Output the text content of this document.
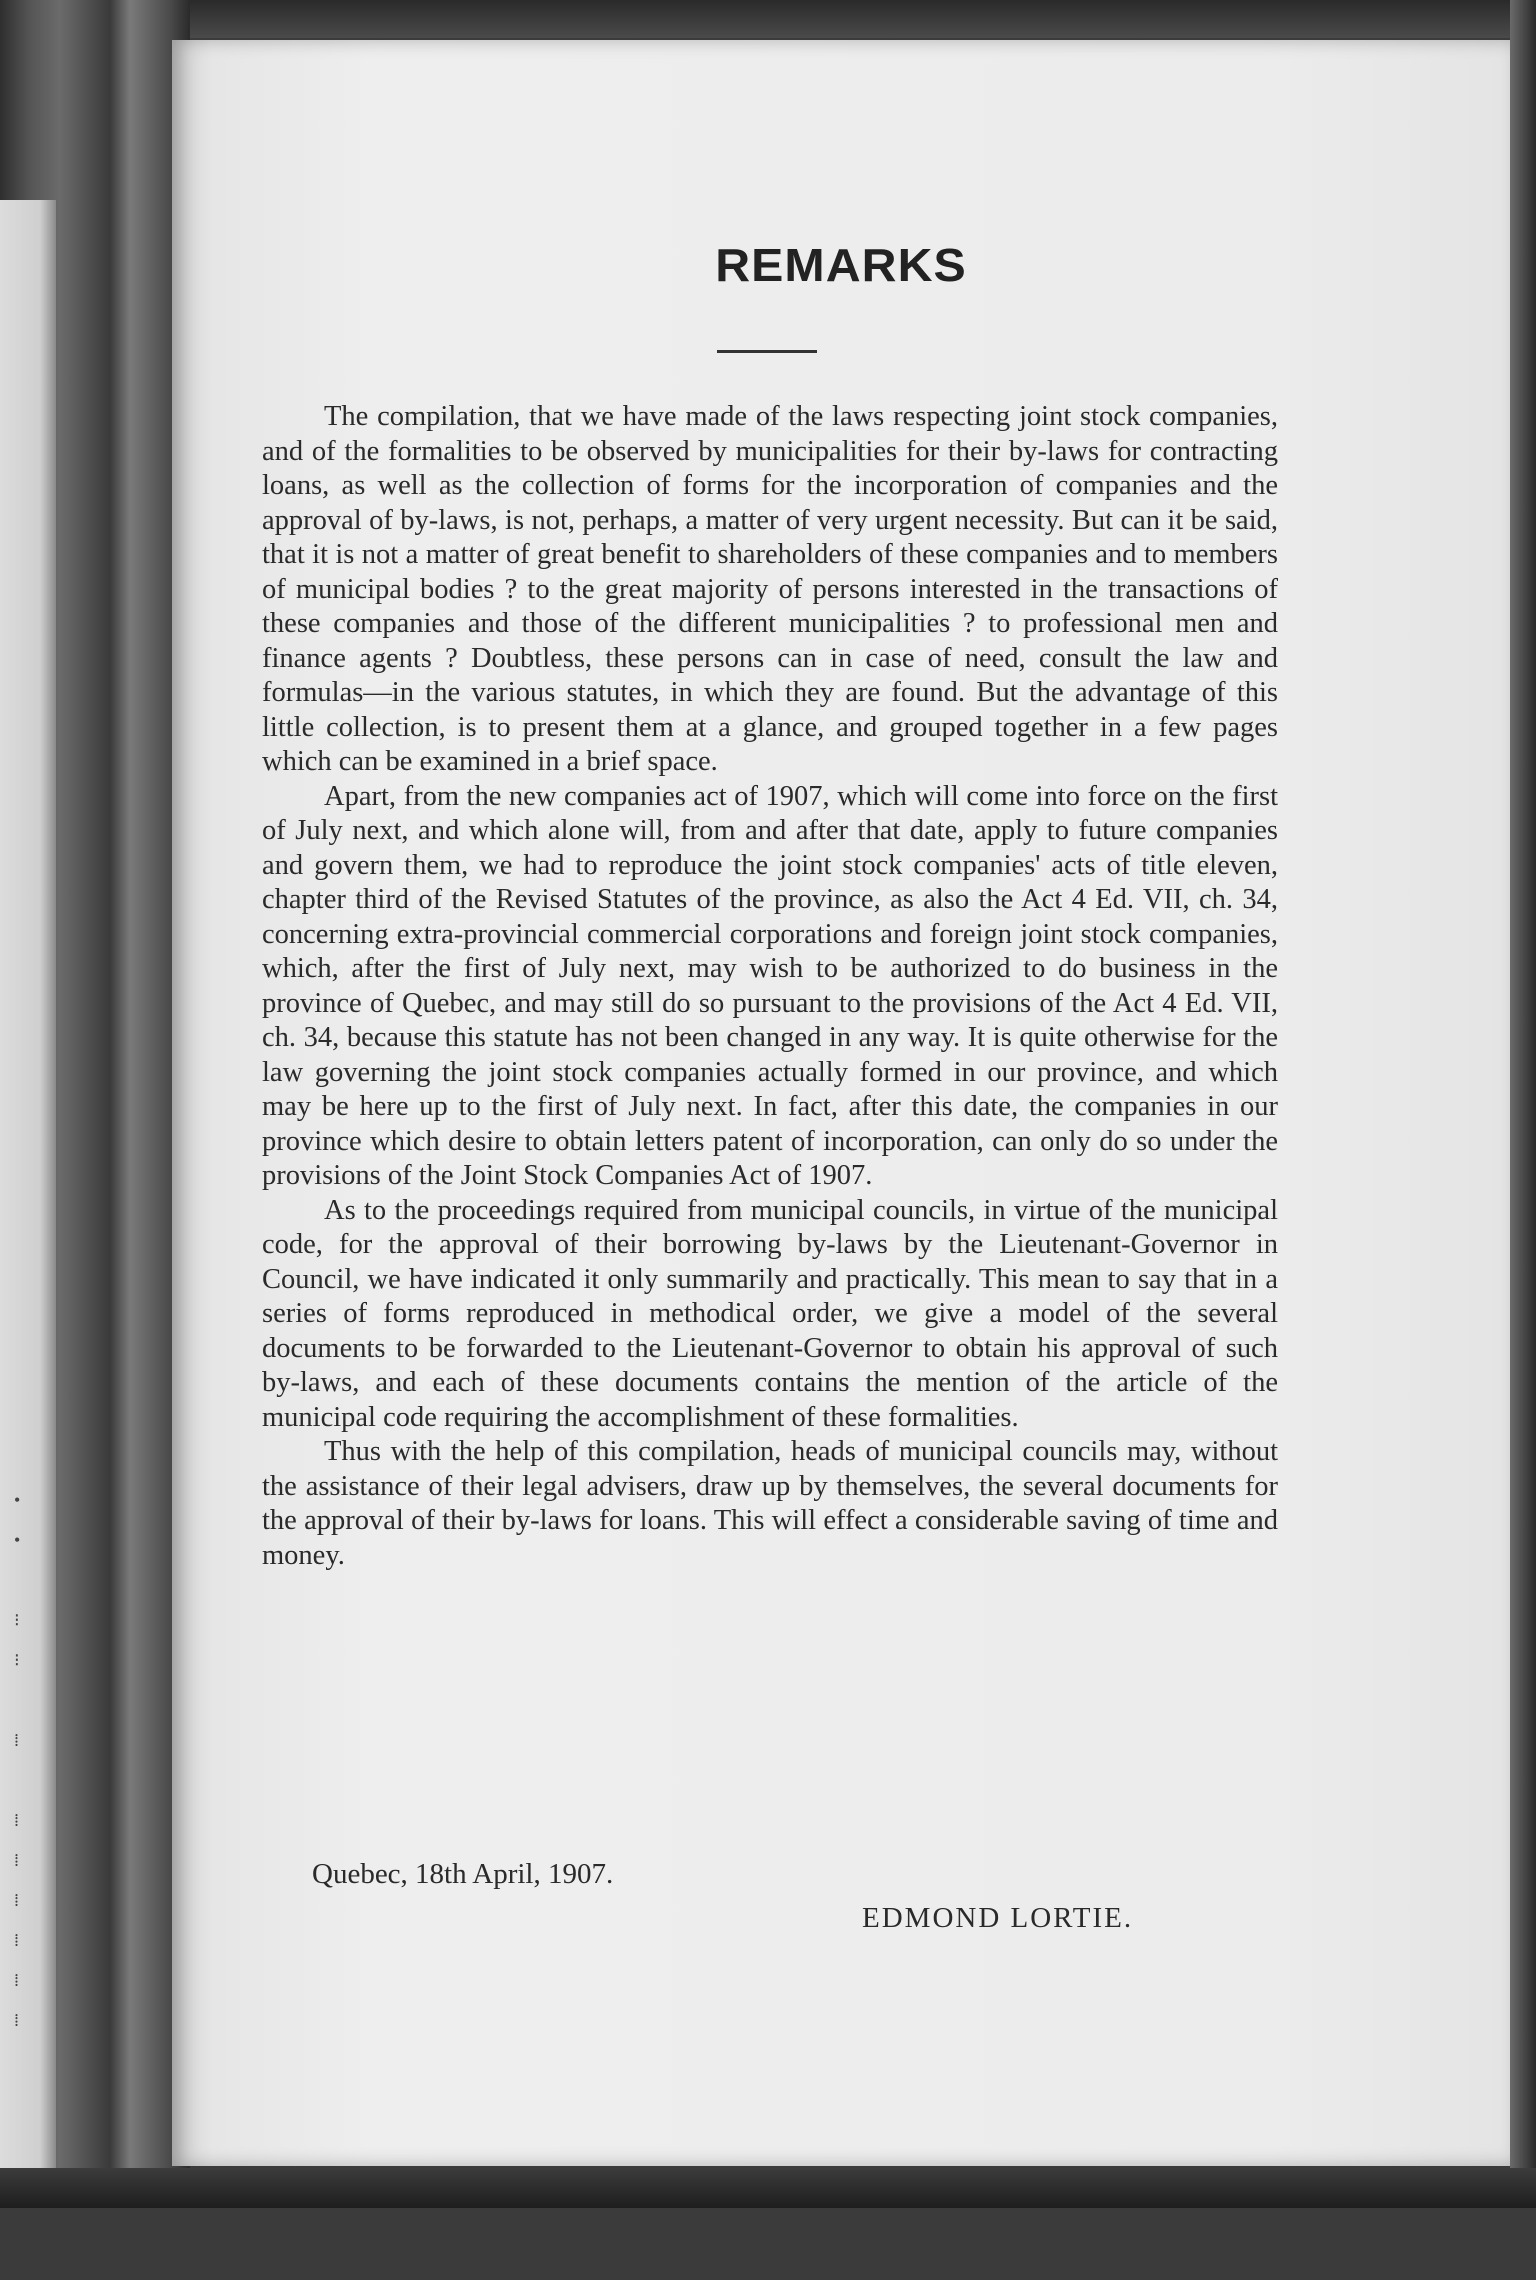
•
•

⁝
⁝

⁞

⁞
⁞
⁞
⁞
⁞
⁞
REMARKS

The compilation, that we have made of the laws respecting joint stock companies, and of the formalities to be observed by municipalities for their by-laws for contracting loans, as well as the collection of forms for the incorporation of companies and the approval of by-laws, is not, perhaps, a matter of very urgent necessity. But can it be said, that it is not a matter of great benefit to shareholders of these companies and to members of municipal bodies ? to the great majority of persons interested in the transactions of these companies and those of the different municipalities ? to professional men and finance agents ? Doubtless, these persons can in case of need, consult the law and formulas—in the various statutes, in which they are found. But the advantage of this little collection, is to present them at a glance, and grouped together in a few pages which can be examined in a brief space.

Apart, from the new companies act of 1907, which will come into force on the first of July next, and which alone will, from and after that date, apply to future companies and govern them, we had to reproduce the joint stock companies' acts of title eleven, chapter third of the Revised Statutes of the province, as also the Act 4 Ed. VII, ch. 34, concerning extra-provincial commercial corporations and foreign joint stock companies, which, after the first of July next, may wish to be authorized to do business in the province of Quebec, and may still do so pursuant to the provisions of the Act 4 Ed. VII, ch. 34, because this statute has not been changed in any way. It is quite otherwise for the law governing the joint stock companies actually formed in our province, and which may be here up to the first of July next. In fact, after this date, the companies in our province which desire to obtain letters patent of incorporation, can only do so under the provisions of the Joint Stock Companies Act of 1907.

As to the proceedings required from municipal councils, in virtue of the municipal code, for the approval of their borrowing by-laws by the Lieutenant-Governor in Council, we have indicated it only summarily and practically. This mean to say that in a series of forms reproduced in methodical order, we give a model of the several documents to be forwarded to the Lieutenant-Governor to obtain his approval of such by-laws, and each of these documents contains the mention of the article of the municipal code requiring the accomplishment of these formalities.

Thus with the help of this compilation, heads of municipal councils may, without the assistance of their legal advisers, draw up by themselves, the several documents for the approval of their by-laws for loans. This will effect a considerable saving of time and money.

Quebec, 18th April, 1907.
EDMOND LORTIE.
